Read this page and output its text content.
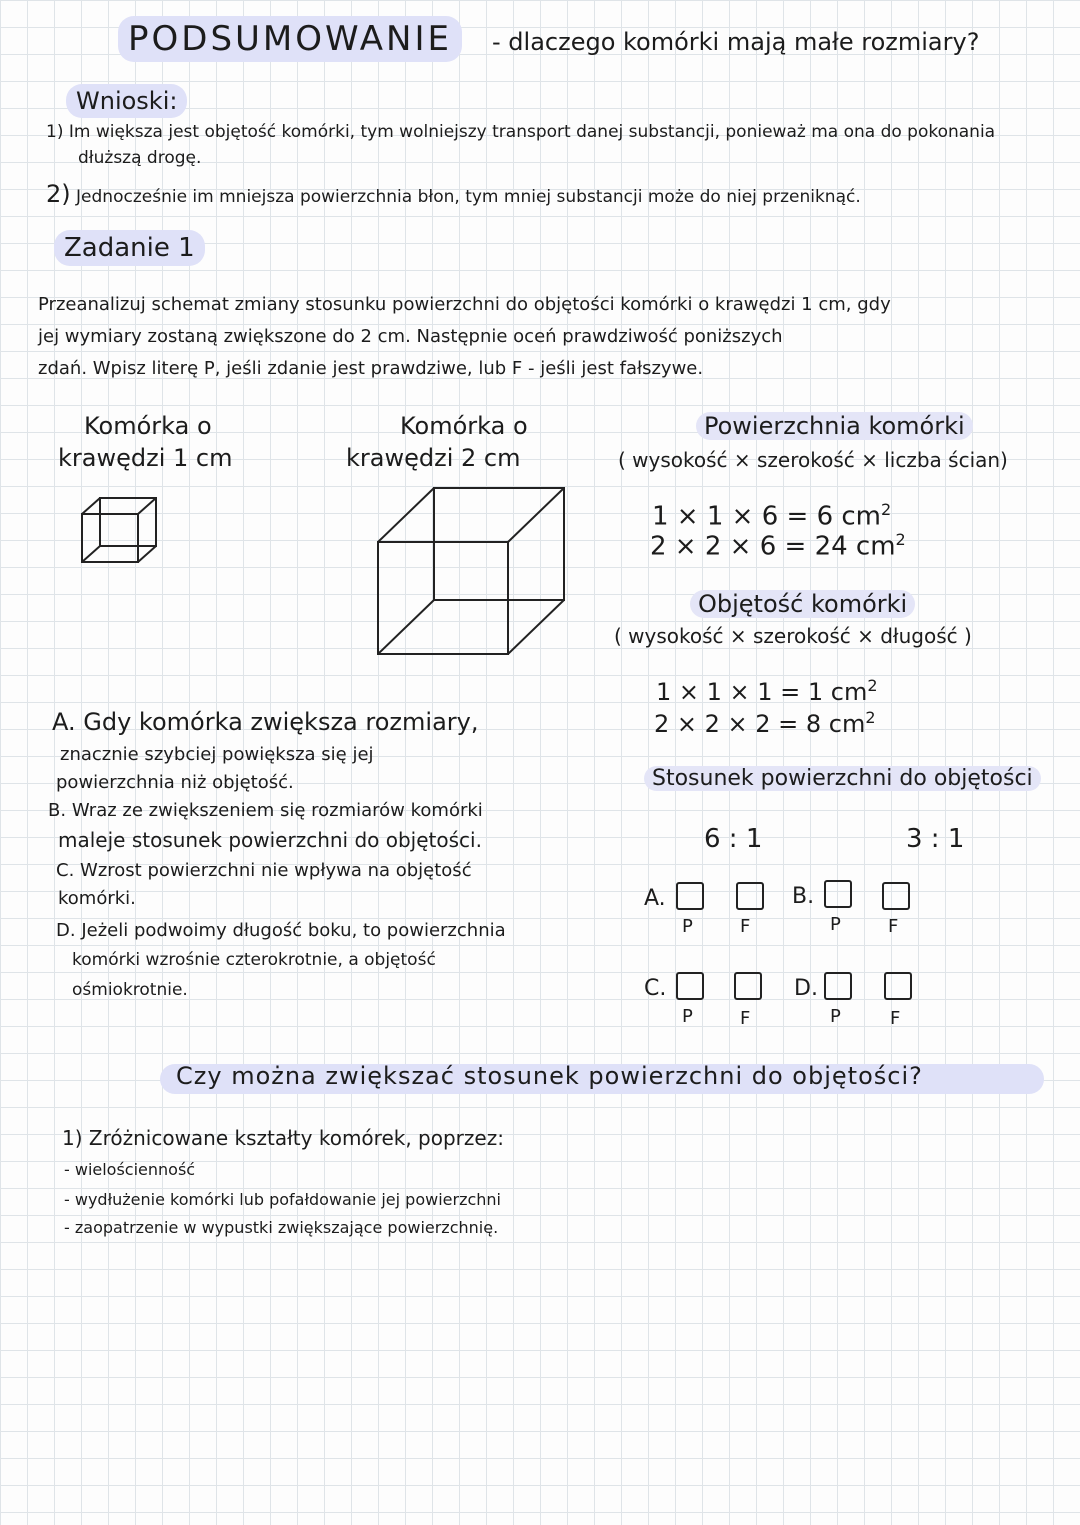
PODSUMOWANIE	- dlaczego komórki mają małe rozmiary?
Wnioski:
1) Im większa jest objętość komórki, tym wolniejszy transport danej substancji, ponieważ ma ona do pokonania
dłuższą drogę.
2) Jednocześnie im mniejsza powierzchnia błon, tym mniej substancji może do niej przeniknąć.
Zadanie 1
Przeanalizuj schemat zmiany stosunku powierzchni do objętości komórki o krawędzi 1 cm, gdy
jej wymiary zostaną zwiększone do 2 cm. Następnie oceń prawdziwość poniższych
zdań. Wpisz literę P, jeśli zdanie jest prawdziwe, lub F - jeśli jest fałszywe.
Komórka o
krawędzi 1 cm
Komórka o
krawędzi 2 cm
Powierzchnia komórki
( wysokość × szerokość × liczba ścian)
1 × 1 × 6 = 6 $cm^2$
2 × 2 × 6 = 24 $cm^2$
Objętość komórki
( wysokość × szerokość × długość )
1 × 1 × 1 = 1 $cm^2$
2 × 2 × 2 = 8 $cm^2$
Stosunek powierzchni do objętości
6 : 1	3 : 1
A. Gdy komórka zwiększa rozmiary,
znacznie szybciej powiększa się jej
powierzchnia niż objętość.
B. Wraz ze zwiększeniem się rozmiarów komórki
maleje stosunek powierzchni do objętości.
C. Wzrost powierzchni nie wpływa na objętość
komórki.
D. Jeżeli podwoimy długość boku, to powierzchnia
komórki wzrośnie czterokrotnie, a objętość
ośmiokrotnie.
A.
P	F
B.
P	F
C.
P	F
D.
P	F
Czy można zwiększać stosunek powierzchni do objętości?
1) Zróżnicowane kształty komórek, poprzez:
- wielościenność
- wydłużenie komórki lub pofałdowanie jej powierzchni
- zaopatrzenie w wypustki zwiększające powierzchnię.
